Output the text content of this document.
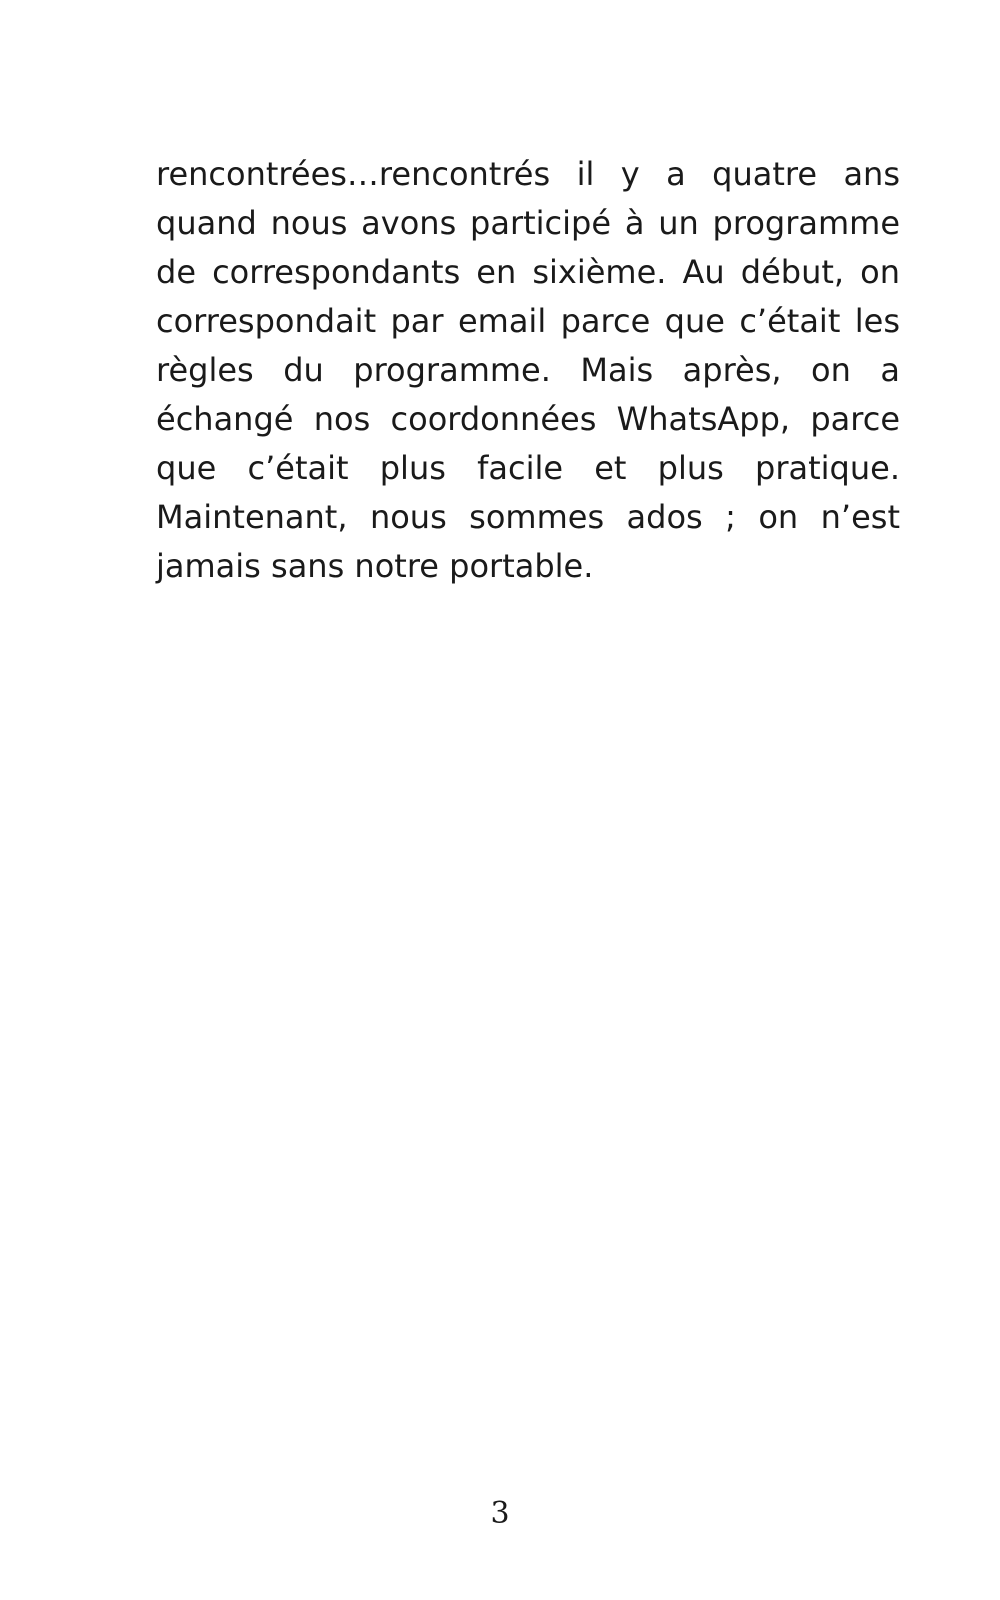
rencontrées…rencontrés il y a quatre ans
quand nous avons participé à un programme
de correspondants en sixième. Au début, on
correspondait par email parce que c’était les
règles du programme. Mais après, on a
échangé nos coordonnées WhatsApp, parce
que c’était plus facile et plus pratique.
Maintenant, nous sommes ados ; on n’est
jamais sans notre portable.
3
